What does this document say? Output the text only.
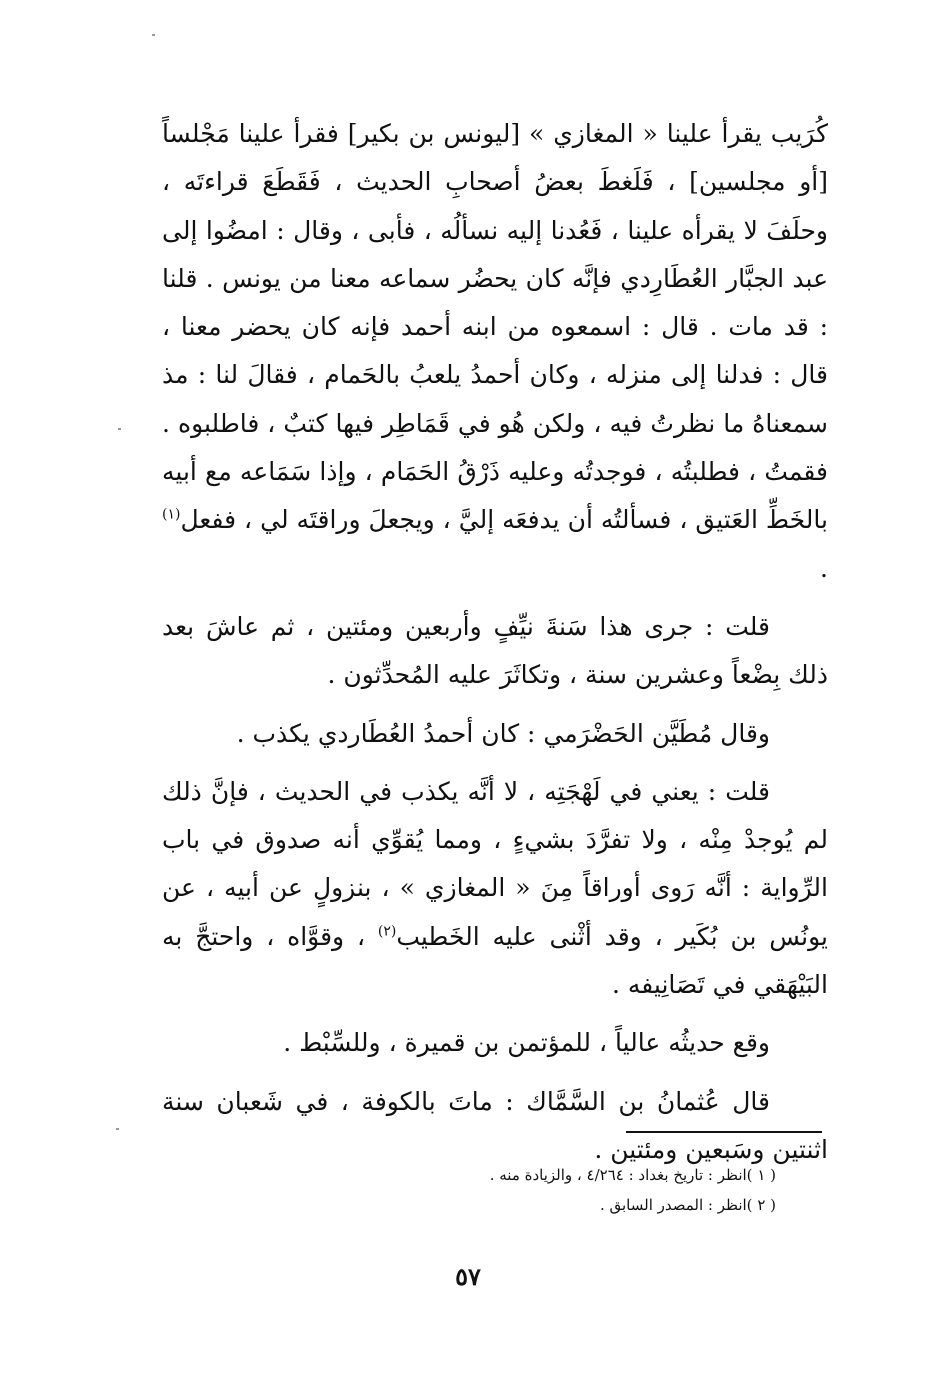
كُرَيب يقرأ علينا « المغازي » [ليونس بن بكير] فقرأ علينا مَجْلساً [أو مجلسين] ، فَلَغطَ بعضُ أصحابِ الحديث ، فَقَطَعَ قراءتَه ، وحلَفَ لا يقرأه علينا ، فَعُدنا إليه نسألُه ، فأبى ، وقال : امضُوا إلى عبد الجبَّار العُطَارِدي فإنَّه كان يحضُر سماعه معنا من يونس . قلنا : قد مات . قال : اسمعوه من ابنه أحمد فإنه كان يحضر معنا ، قال : فدلنا إلى منزله ، وكان أحمدُ يلعبُ بالحَمام ، فقالَ لنا : مذ سمعناهُ ما نظرتُ فيه ، ولكن هُو في قَمَاطِر فيها كتبٌ ، فاطلبوه . فقمتُ ، فطلبتُه ، فوجدتُه وعليه ذَرْقُ الحَمَام ، وإذا سَمَاعه مع أبيه بالخَطِّ العَتيق ، فسألتُه أن يدفعَه إليَّ ، ويجعلَ وراقتَه لي ، ففعل$^{(١)}$ .

قلت : جرى هذا سَنةَ نيِّفٍ وأربعين ومئتين ، ثم عاشَ بعد ذلك بِضْعاً وعشرين سنة ، وتكاثَرَ عليه المُحدِّثون .

وقال مُطَيَّن الحَضْرَمي : كان أحمدُ العُطَاردي يكذب .

قلت : يعني في لَهْجَتِه ، لا أنَّه يكذب في الحديث ، فإنَّ ذلك لم يُوجدْ مِنْه ، ولا تفرَّدَ بشيءٍ ، ومما يُقوِّي أنه صدوق في باب الرِّواية : أنَّه رَوى أوراقاً مِنَ « المغازي » ، بنزولٍ عن أبيه ، عن يونُس بن بُكَير ، وقد أثْنى عليه الخَطيب$^{(٢)}$ ، وقوَّاه ، واحتجَّ به البَيْهَقي في تَصَانِيفه .

وقع حديثُه عالياً ، للمؤتمن بن قميرة ، وللسِّبْط .

قال عُثمانُ بن السَّمَّاك : ماتَ بالكوفة ، في شَعبان سنة اثنتين وسَبعين ومئتين .

( ١ )انظر : تاريخ بغداد : ٤/٢٦٤ ، والزيادة منه .

( ٢ )انظر : المصدر السابق .

٥٧
